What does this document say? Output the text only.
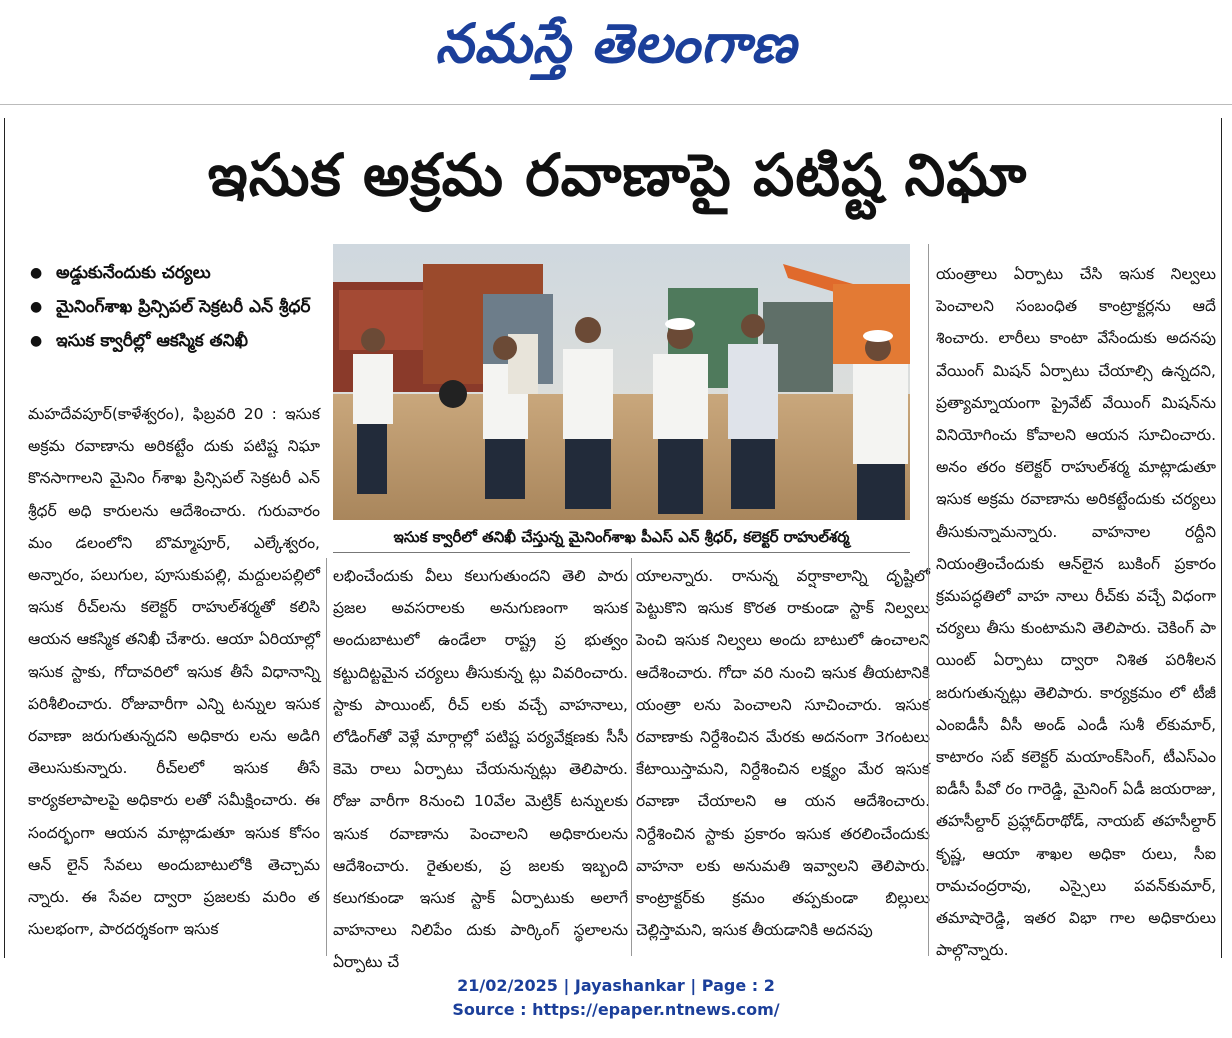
నమస్తే తెలంగాణ
ఇసుక అక్రమ రవాణాపై పటిష్ట నిఘా
● అడ్డుకునేందుకు చర్యలు
● మైనింగ్‌శాఖ ప్రిన్సిపల్ సెక్రటరీ ఎన్ శ్రీధర్
● ఇసుక క్వారీల్లో ఆకస్మిక తనిఖీ
మహదేవపూర్(కాళేశ్వరం), ఫిబ్రవరి 20 : ఇసుక అక్రమ రవాణాను అరికట్టేం దుకు పటిష్ట నిఘా కొనసాగాలని మైనిం గ్‌శాఖ ప్రిన్సిపల్ సెక్రటరీ ఎన్ శ్రీధర్ అధి కారులను ఆదేశించారు. గురువారం మం డలంలోని బొమ్మాపూర్, ఎల్కేశ్వరం, అన్నారం, పలుగుల, పూసుకుపల్లి, మద్దులపల్లిలో ఇసుక రీచ్‌లను కలెక్టర్ రాహుల్‌శర్మతో కలిసి ఆయన ఆకస్మిక తనిఖీ చేశారు. ఆయా ఏరియాల్లో ఇసుక స్టాకు, గోదావరిలో ఇసుక తీసే విధానాన్ని పరిశీలించారు. రోజువారీగా ఎన్ని టన్నుల ఇసుక రవాణా జరుగుతున్నదని అధికారు లను అడిగి తెలుసుకున్నారు. రీచ్‌లలో ఇసుక తీసే కార్యకలాపాలపై అధికారు లతో సమీక్షించారు. ఈ సందర్భంగా ఆయన మాట్లాడుతూ ఇసుక కోసం ఆన్ లైన్ సేవలు అందుబాటులోకి తెచ్చామ న్నారు. ఈ సేవల ద్వారా ప్రజలకు మరిం త సులభంగా, పారదర్శకంగా ఇసుక
లభించేందుకు వీలు కలుగుతుందని తెలి పారు ప్రజల అవసరాలకు అనుగుణంగా ఇసుక అందుబాటులో ఉండేలా రాష్ట్ర ప్ర భుత్వం కట్టుదిట్టమైన చర్యలు తీసుకున్న ట్లు వివరించారు. స్టాకు పాయింట్, రీచ్ లకు వచ్చే వాహనాలు, లోడింగ్‌తో వెళ్లే మార్గాల్లో పటిష్ట పర్యవేక్షణకు సీసీ కెమె రాలు ఏర్పాటు చేయనున్నట్లు తెలిపారు. రోజు వారీగా 8నుంచి 10వేల మెట్రిక్ టన్నులకు ఇసుక రవాణాను పెంచాలని అధికారులను ఆదేశించారు. రైతులకు, ప్ర జలకు ఇబ్బంది కలుగకుండా ఇసుక స్టాక్ ఏర్పాటుకు అలాగే వాహనాలు నిలిపేం దుకు పార్కింగ్ స్థలాలను ఏర్పాటు చే
యాలన్నారు. రానున్న వర్షాకాలాన్ని దృష్టిలో పెట్టుకొని ఇసుక కొరత రాకుండా స్టాక్ నిల్వలు పెంచి ఇసుక నిల్వలు అందు బాటులో ఉంచాలని ఆదేశించారు. గోదా వరి నుంచి ఇసుక తీయటానికి యంత్రా లను పెంచాలని సూచించారు. ఇసుక రవాణాకు నిర్దేశించిన మేరకు అదనంగా 3గంటలు కేటాయిస్తామని, నిర్దేశించిన లక్ష్యం మేర ఇసుక రవాణా చేయాలని ఆ యన ఆదేశించారు. నిర్దేశించిన స్టాకు ప్రకారం ఇసుక తరలించేందుకు వాహనా లకు అనుమతి ఇవ్వాలని తెలిపారు. కాంట్రాక్టర్‌కు క్రమం తప్పకుండా బిల్లులు చెల్లిస్తామని, ఇసుక తీయడానికి అదనపు
యంత్రాలు ఏర్పాటు చేసి ఇసుక నిల్వలు పెంచాలని సంబంధిత కాంట్రాక్టర్లను ఆదే శించారు. లారీలు కాంటా వేసేందుకు అదనపు వేయింగ్ మిషన్ ఏర్పాటు చేయాల్సి ఉన్నదని, ప్రత్యామ్నాయంగా ప్రైవేట్ వేయింగ్ మిషన్‌ను వినియోగించు కోవాలని ఆయన సూచించారు. అనం తరం కలెక్టర్ రాహుల్‌శర్మ మాట్లాడుతూ ఇసుక అక్రమ రవాణాను అరికట్టేందుకు చర్యలు తీసుకున్నామన్నారు. వాహనాల రద్దీని నియంత్రించేందుకు ఆన్‌లైన బుకింగ్ ప్రకారం క్రమపద్ధతిలో వాహ నాలు రీచ్‌కు వచ్చే విధంగా చర్యలు తీసు కుంటామని తెలిపారు. చెకింగ్ పా యింట్ ఏర్పాటు ద్వారా నిశిత పరిశీలన జరుగుతున్నట్లు తెలిపారు. కార్యక్రమం లో టీజీ ఎంఐడీసీ వీసీ అండ్ ఎండీ సుశీ ల్‌కుమార్, కాటారం సబ్ కలెక్టర్ మయాంక్‌సింగ్, టీఎస్‌ఎం ఐడీసీ పీవో రం గారెడ్డి, మైనింగ్ ఏడీ జయరాజు, తహసీల్దార్ ప్రహ్లాద్‌రాథోడ్, నాయబ్ తహసీల్దార్ కృష్ణ, ఆయా శాఖల అధికా రులు, సీఐ రామచంద్రరావు, ఎస్సైలు పవన్‌కుమార్, తమాషారెడ్డి, ఇతర విభా గాల అధికారులు పాల్గొన్నారు.
ఇసుక క్వారీలో తనిఖీ చేస్తున్న మైనింగ్‌శాఖ పీఎస్ ఎన్ శ్రీధర్, కలెక్టర్ రాహుల్‌శర్మ
21/02/2025 | Jayashankar | Page : 2
Source : https://epaper.ntnews.com/
